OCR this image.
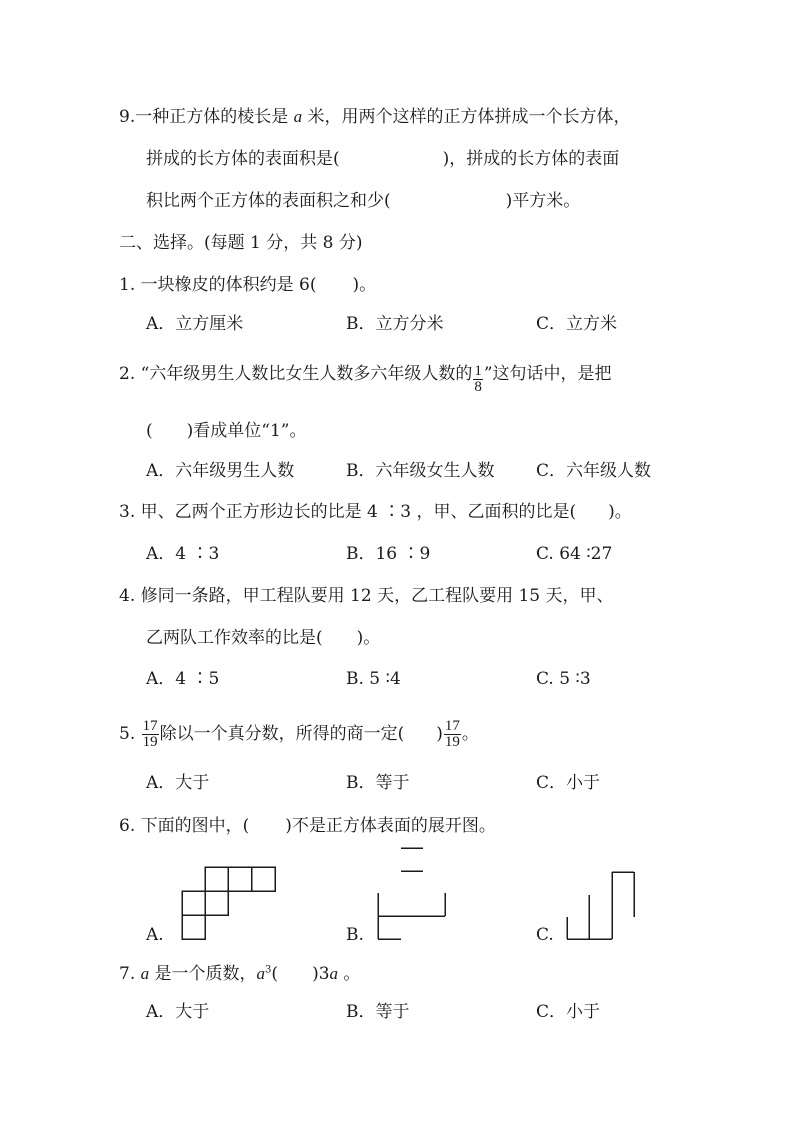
9.一种正方体的棱长是 a 米，用两个这样的正方体拼成一个长方体，
拼成的长方体的表面积是(	)，拼成的长方体的表面
积比两个正方体的表面积之和少(	)平方米。
二、选择。(每题 1 分，共 8 分)
1. 一块橡皮的体积约是 6( )。
A．立方厘米	B．立方分米	C．立方米
2. “六年级男生人数比女生人数多六年级人数的 $\frac{1}{8}$ ”这句话中，是把
( )看成单位“1”。
A．六年级男生人数	B．六年级女生人数 C．六年级人数
3. 甲、乙两个正方形边长的比是 4 ∶3 ，甲、乙面积的比是( )。
A．4 ∶3	B．16 ∶9	C. 64 ∶27
4. 修同一条路，甲工程队要用 12 天，乙工程队要用 15 天，甲、
乙两队工作效率的比是( )。
A．4 ∶5	B. 5 ∶4	C. 5 ∶3
5. $\frac{17}{19}$ 除以一个真分数，所得的商一定( ) $\frac{17}{19}$ 。
A．大于	B．等于	C．小于
6. 下面的图中，( )不是正方体表面的展开图。
A.	B.	C.
7. a 是一个质数，$a^3$( )3a 。
A．大于	B．等于	C．小于
